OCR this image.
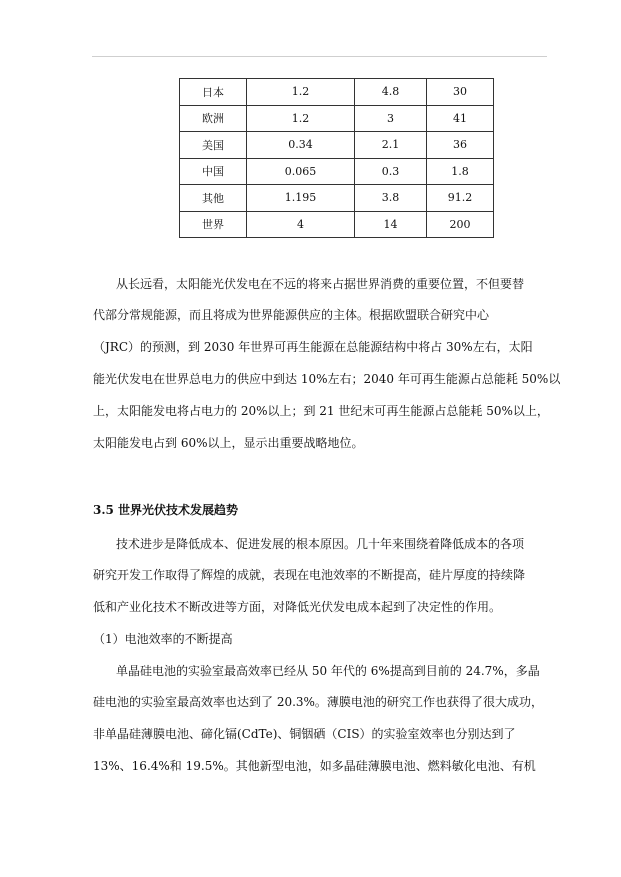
日本	1.2	4.8	30
欧洲	1.2	3	41
美国	0.34	2.1	36
中国	0.065	0.3	1.8
其他	1.195	3.8	91.2
世界	4	14	200
从长远看，太阳能光伏发电在不远的将来占据世界消费的重要位置，不但要替
代部分常规能源，而且将成为世界能源供应的主体。根据欧盟联合研究中心
（JRC）的预测，到 2030 年世界可再生能源在总能源结构中将占 30%左右，太阳
能光伏发电在世界总电力的供应中到达 10%左右；2040 年可再生能源占总能耗 50%以
上，太阳能发电将占电力的 20%以上；到 21 世纪末可再生能源占总能耗 50%以上，
太阳能发电占到 60%以上，显示出重要战略地位。
3.5 世界光伏技术发展趋势
技术进步是降低成本、促进发展的根本原因。几十年来围绕着降低成本的各项
研究开发工作取得了辉煌的成就，表现在电池效率的不断提高，硅片厚度的持续降
低和产业化技术不断改进等方面，对降低光伏发电成本起到了决定性的作用。
（1）电池效率的不断提高
单晶硅电池的实验室最高效率已经从 50 年代的 6%提高到目前的 24.7%，多晶
硅电池的实验室最高效率也达到了 20.3%。薄膜电池的研究工作也获得了很大成功，
非单晶硅薄膜电池、碲化镉(CdTe)、铜铟硒（CIS）的实验室效率也分别达到了
13%、16.4%和 19.5%。其他新型电池，如多晶硅薄膜电池、燃料敏化电池、有机
